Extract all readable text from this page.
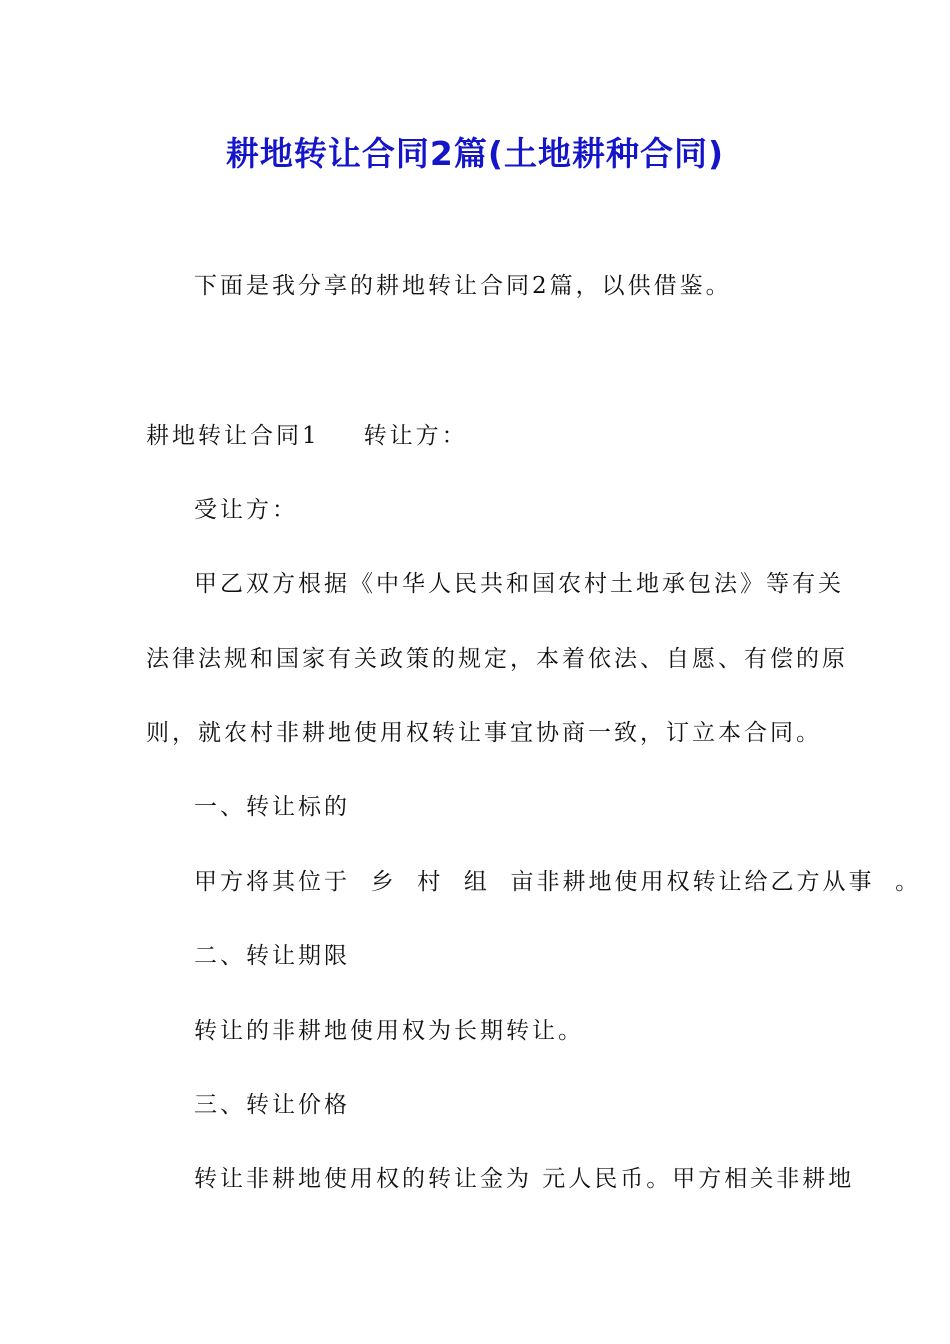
耕地转让合同2篇(土地耕种合同)
下面是我分享的耕地转让合同2篇，以供借鉴。
耕地转让合同1 转让方：
受让方：
甲乙双方根据《中华人民共和国农村土地承包法》等有关
法律法规和国家有关政策的规定，本着依法、自愿、有偿的原
则，就农村非耕地使用权转让事宜协商一致，订立本合同。
一、转让标的
甲方将其位于  乡  村  组  亩非耕地使用权转让给乙方从事  。
二、转让期限
转让的非耕地使用权为长期转让。
三、转让价格
转让非耕地使用权的转让金为 元人民币。甲方相关非耕地
